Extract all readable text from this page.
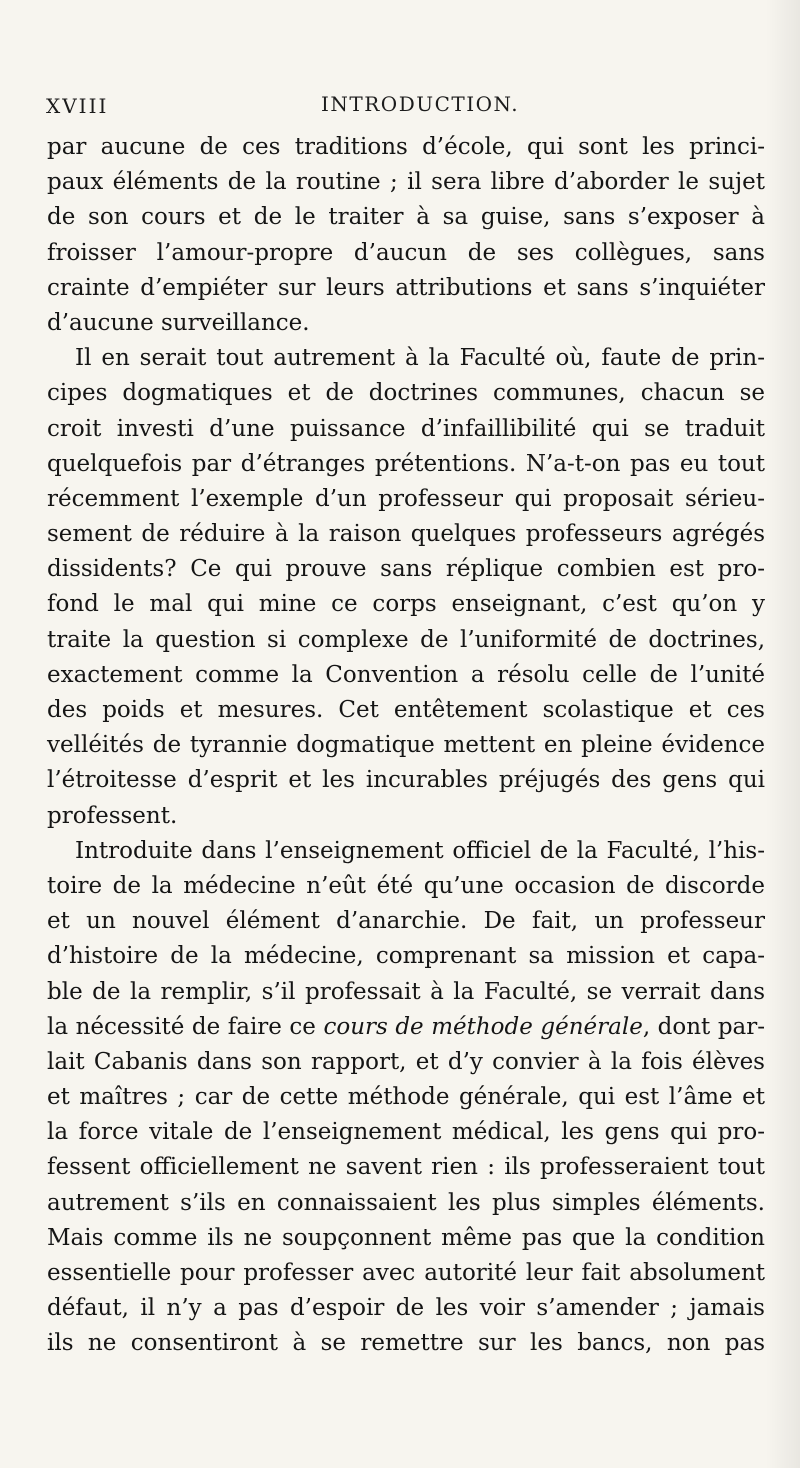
XVIII	INTRODUCTION.
par aucune de ces traditions d’école, qui sont les princi-
paux éléments de la routine ; il sera libre d’aborder le sujet
de son cours et de le traiter à sa guise, sans s’exposer à
froisser l’amour-propre d’aucun de ses collègues, sans
crainte d’empiéter sur leurs attributions et sans s’inquiéter
d’aucune surveillance.
Il en serait tout autrement à la Faculté où, faute de prin-
cipes dogmatiques et de doctrines communes, chacun se
croit investi d’une puissance d’infaillibilité qui se traduit
quelquefois par d’étranges prétentions. N’a-t-on pas eu tout
récemment l’exemple d’un professeur qui proposait sérieu-
sement de réduire à la raison quelques professeurs agrégés
dissidents? Ce qui prouve sans réplique combien est pro-
fond le mal qui mine ce corps enseignant, c’est qu’on y
traite la question si complexe de l’uniformité de doctrines,
exactement comme la Convention a résolu celle de l’unité
des poids et mesures. Cet entêtement scolastique et ces
velléités de tyrannie dogmatique mettent en pleine évidence
l’étroitesse d’esprit et les incurables préjugés des gens qui
professent.
Introduite dans l’enseignement officiel de la Faculté, l’his-
toire de la médecine n’eût été qu’une occasion de discorde
et un nouvel élément d’anarchie. De fait, un professeur
d’histoire de la médecine, comprenant sa mission et capa-
ble de la remplir, s’il professait à la Faculté, se verrait dans
la nécessité de faire ce cours de méthode générale, dont par-
lait Cabanis dans son rapport, et d’y convier à la fois élèves
et maîtres ; car de cette méthode générale, qui est l’âme et
la force vitale de l’enseignement médical, les gens qui pro-
fessent officiellement ne savent rien : ils professeraient tout
autrement s’ils en connaissaient les plus simples éléments.
Mais comme ils ne soupçonnent même pas que la condition
essentielle pour professer avec autorité leur fait absolument
défaut, il n’y a pas d’espoir de les voir s’amender ; jamais
ils ne consentiront à se remettre sur les bancs, non pas
